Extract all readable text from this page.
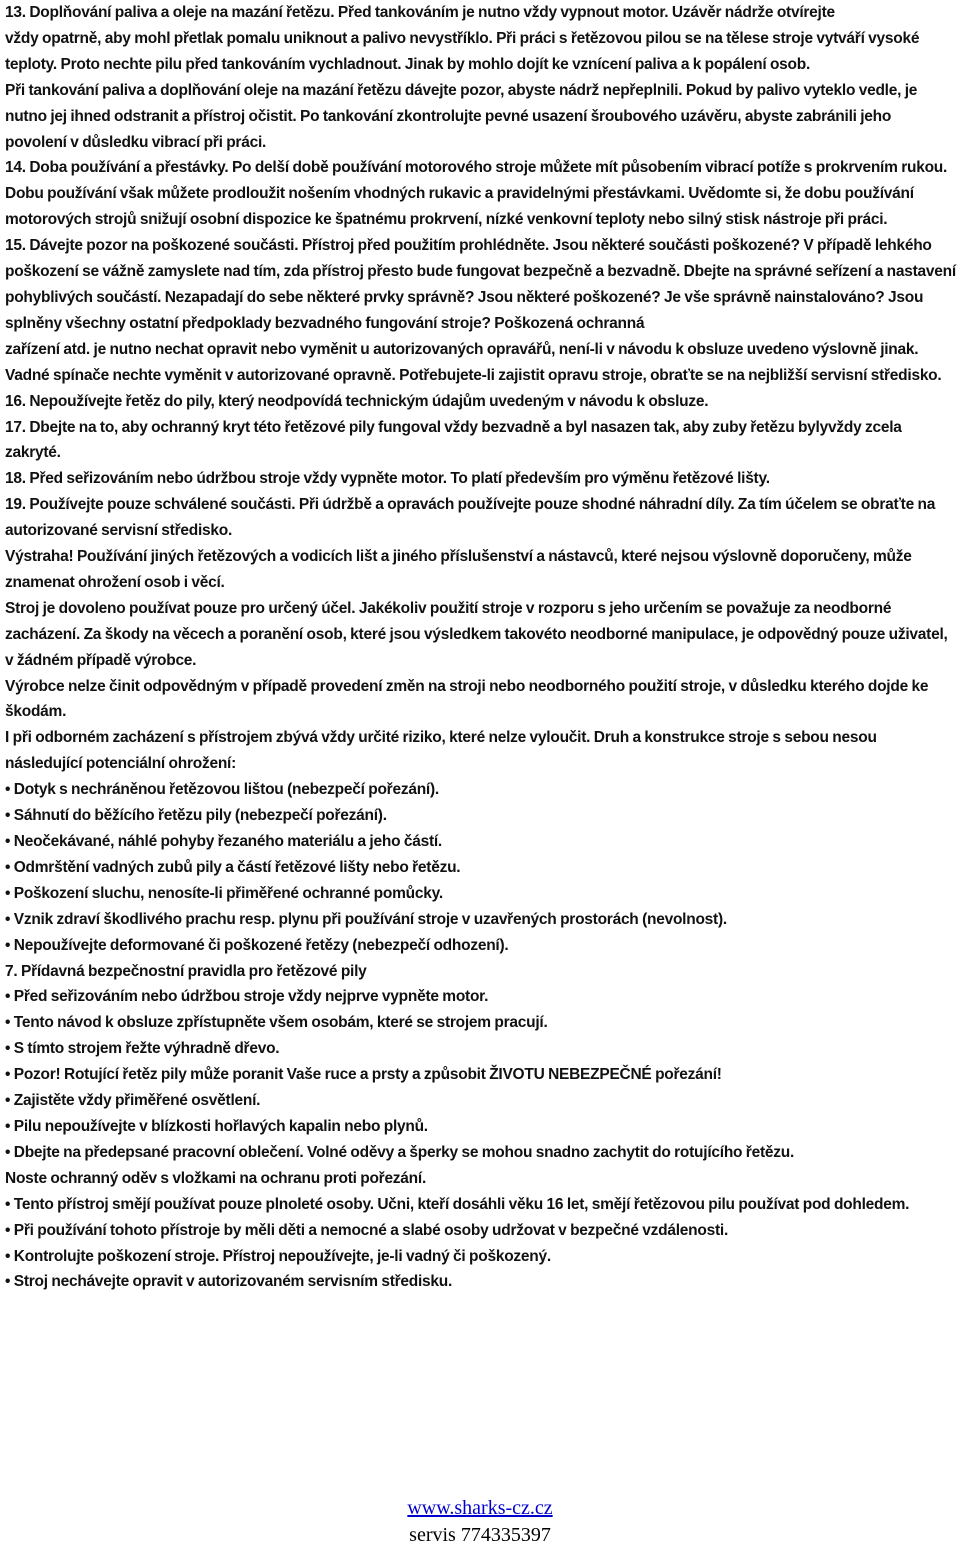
13. Doplňování paliva a oleje na mazání řetězu. Před tankováním je nutno vždy vypnout motor. Uzávěr nádrže otvírejte

vždy opatrně, aby mohl přetlak pomalu uniknout a palivo nevystříklo. Při práci s řetězovou pilou se na tělese stroje vytváří vysoké teploty. Proto nechte pilu před tankováním vychladnout. Jinak by mohlo dojít ke vznícení paliva a k popálení osob.

Při tankování paliva a doplňování oleje na mazání řetězu dávejte pozor, abyste nádrž nepřeplnili. Pokud by palivo vyteklo vedle, je nutno jej ihned odstranit a přístroj očistit. Po tankování zkontrolujte pevné usazení šroubového uzávěru, abyste zabránili jeho povolení v důsledku vibrací při práci.

14. Doba používání a přestávky. Po delší době používání motorového stroje můžete mít působením vibrací potíže s prokrvením rukou. Dobu používání však můžete prodloužit nošením vhodných rukavic a pravidelnými přestávkami. Uvědomte si, že dobu používání motorových strojů snižují osobní dispozice ke špatnému prokrvení, nízké venkovní teploty nebo silný stisk nástroje při práci.

15. Dávejte pozor na poškozené součásti. Přístroj před použitím prohlédněte. Jsou některé součásti poškozené? V případě lehkého poškození se vážně zamyslete nad tím, zda přístroj přesto bude fungovat bezpečně a bezvadně. Dbejte na správné seřízení a nastavení pohyblivých součástí. Nezapadají do sebe některé prvky správně? Jsou některé poškozené? Je vše správně nainstalováno? Jsou splněny všechny ostatní předpoklady bezvadného fungování stroje? Poškozená ochranná

zařízení atd. je nutno nechat opravit nebo vyměnit u autorizovaných opravářů, není-li v návodu k obsluze uvedeno výslovně jinak. Vadné spínače nechte vyměnit v autorizované opravně. Potřebujete-li zajistit opravu stroje, obraťte se na nejbližší servisní středisko.

16. Nepoužívejte řetěz do pily, který neodpovídá technickým údajům uvedeným v návodu k obsluze.

17. Dbejte na to, aby ochranný kryt této řetězové pily fungoval vždy bezvadně a byl nasazen tak, aby zuby řetězu bylyvždy zcela zakryté.

18. Před seřizováním nebo údržbou stroje vždy vypněte motor. To platí především pro výměnu řetězové lišty.

19. Používejte pouze schválené součásti. Při údržbě a opravách používejte pouze shodné náhradní díly. Za tím účelem se obraťte na autorizované servisní středisko.

Výstraha! Používání jiných řetězových a vodicích lišt a jiného příslušenství a nástavců, které nejsou výslovně doporučeny, může znamenat ohrožení osob i věcí.

Stroj je dovoleno používat pouze pro určený účel. Jakékoliv použití stroje v rozporu s jeho určením se považuje za neodborné zacházení. Za škody na věcech a poranění osob, které jsou výsledkem takovéto neodborné manipulace, je odpovědný pouze uživatel, v žádném případě výrobce.

Výrobce nelze činit odpovědným v případě provedení změn na stroji nebo neodborného použití stroje, v důsledku kterého dojde ke škodám.

I při odborném zacházení s přístrojem zbývá vždy určité riziko, které nelze vyloučit. Druh a konstrukce stroje s sebou nesou následující potenciální ohrožení:

• Dotyk s nechráněnou řetězovou lištou (nebezpečí pořezání).

• Sáhnutí do běžícího řetězu pily (nebezpečí pořezání).

• Neočekávané, náhlé pohyby řezaného materiálu a jeho částí.

• Odmrštění vadných zubů pily a částí řetězové lišty nebo řetězu.

• Poškození sluchu, nenosíte-li přiměřené ochranné pomůcky.

• Vznik zdraví škodlivého prachu resp. plynu při používání stroje v uzavřených prostorách (nevolnost).

• Nepoužívejte deformované či poškozené řetězy (nebezpečí odhození).

7. Přídavná bezpečnostní pravidla pro řetězové pily

• Před seřizováním nebo údržbou stroje vždy nejprve vypněte motor.

• Tento návod k obsluze zpřístupněte všem osobám, které se strojem pracují.

• S tímto strojem řežte výhradně dřevo.

• Pozor! Rotující řetěz pily může poranit Vaše ruce a prsty a způsobit ŽIVOTU NEBEZPEČNÉ pořezání!

• Zajistěte vždy přiměřené osvětlení.

• Pilu nepoužívejte v blízkosti hořlavých kapalin nebo plynů.

• Dbejte na předepsané pracovní oblečení. Volné oděvy a šperky se mohou snadno zachytit do rotujícího řetězu.

Noste ochranný oděv s vložkami na ochranu proti pořezání.

• Tento přístroj smějí používat pouze plnoleté osoby. Učni, kteří dosáhli věku 16 let, smějí řetězovou pilu používat pod dohledem.

• Při používání tohoto přístroje by měli děti a nemocné a slabé osoby udržovat v bezpečné vzdálenosti.

• Kontrolujte poškození stroje. Přístroj nepoužívejte, je-li vadný či poškozený.

• Stroj nechávejte opravit v autorizovaném servisním středisku.

www.sharks-cz.cz
servis 774335397
